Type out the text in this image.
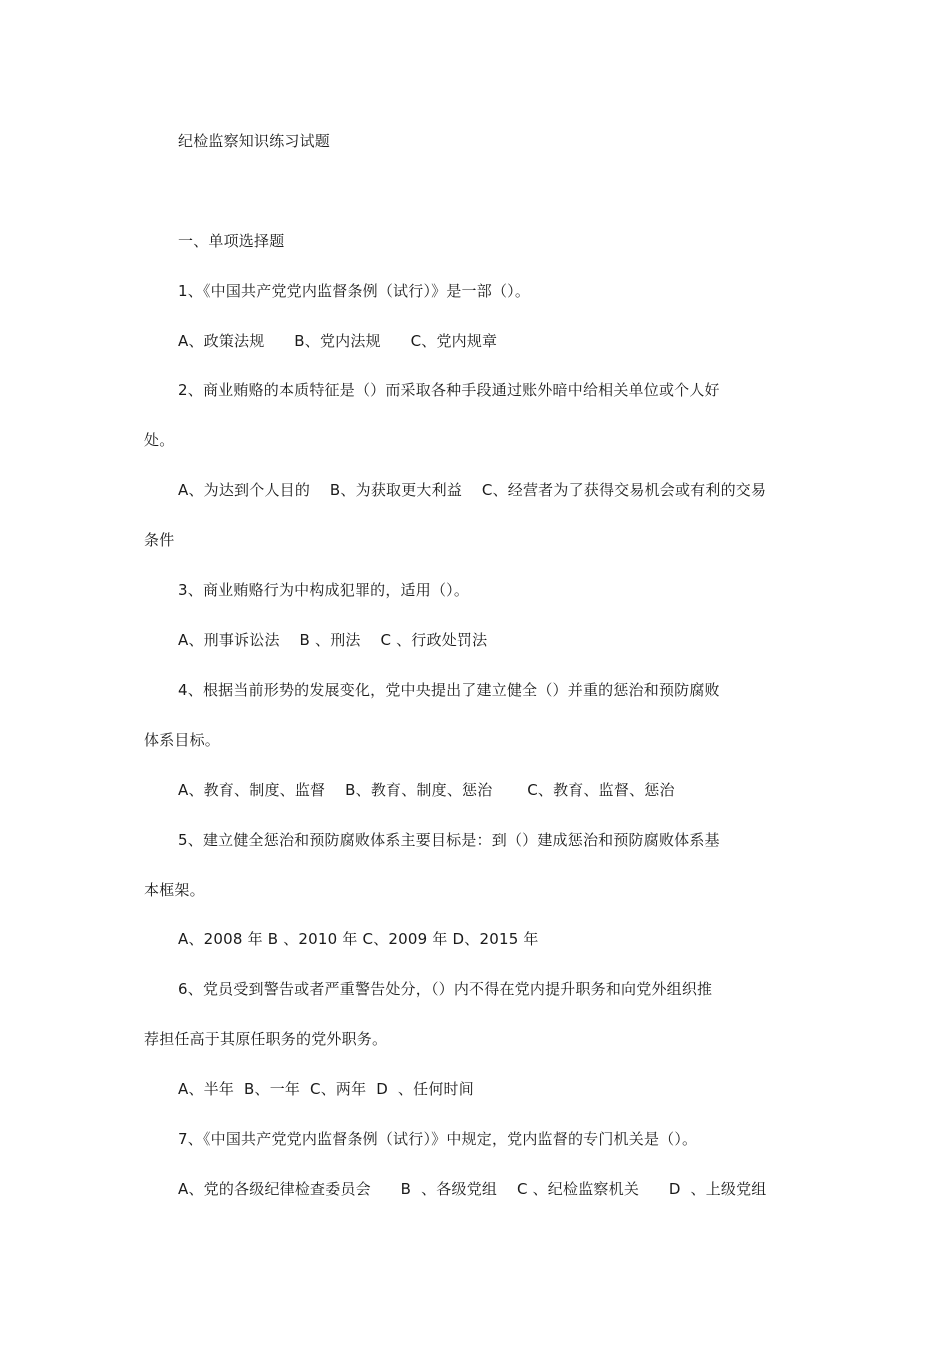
纪检监察知识练习试题
一、单项选择题
1、《中国共产党党内监督条例（试行）》是一部（）。
A、政策法规      B、党内法规      C、党内规章
2、商业贿赂的本质特征是（）而采取各种手段通过账外暗中给相关单位或个人好
处。
A、为达到个人目的    B、为获取更大利益    C、经营者为了获得交易机会或有利的交易
条件
3、商业贿赂行为中构成犯罪的，适用（）。
A、刑事诉讼法    B 、刑法    C 、行政处罚法
4、根据当前形势的发展变化，党中央提出了建立健全（）并重的惩治和预防腐败
体系目标。
A、教育、制度、监督    B、教育、制度、惩治       C、教育、监督、惩治
5、建立健全惩治和预防腐败体系主要目标是：到（）建成惩治和预防腐败体系基
本框架。
A、2008 年 B 、2010 年 C、2009 年 D、2015 年
6、党员受到警告或者严重警告处分，（）内不得在党内提升职务和向党外组织推
荐担任高于其原任职务的党外职务。
A、半年  B、一年  C、两年  D  、任何时间
7、《中国共产党党内监督条例（试行）》中规定，党内监督的专门机关是（）。
A、党的各级纪律检查委员会      B  、各级党组    C 、纪检监察机关      D  、上级党组
